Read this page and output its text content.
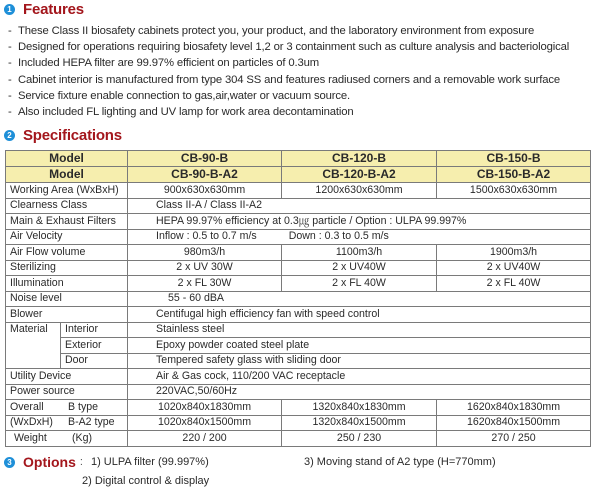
1 Features
- These Class II biosafety cabinets protect you, your product, and the laboratory environment from exposure
- Designed for operations requiring biosafety level 1,2 or 3 containment such as culture analysis and bacteriological
- Included HEPA filter are 99.97% efficient on particles of 0.3um
- Cabinet interior is manufactured from type 304 SS and features radiused corners and a removable work surface
- Service fixture enable connection to gas,air,water or vacuum source.
- Also included FL lighting and UV lamp for work area decontamination
2 Specifications
Model		CB-90-B	CB-120-B	CB-150-B
Model		CB-90-B-A2	CB-120-B-A2	CB-150-B-A2
Working Area (WxBxH)		900x630x630mm	1200x630x630mm	1500x630x630mm
Clearness Class		Class II-A / Class II-A2		
Main & Exhaust Filters		HEPA 99.97% efficiency at 0.3㎍ particle / Option : ULPA 99.997%		
Air Velocity		Inflow : 0.5 to 0.7 m/s Down : 0.3 to 0.5 m/s		
Air Flow volume		980m3/h	1100m3/h	1900m3/h
Sterilizing		2 x UV 30W	2 x UV40W	2 x UV40W
Illumination		2 x FL 30W	2 x FL 40W	2 x FL 40W
Noise level		55 - 60 dBA		
Blower		Centifugal high efficiency fan with speed control		
Material	Interior	Stainless steel		
	Exterior	Epoxy powder coated steel plate		
	Door	Tempered safety glass with sliding door		
Utility Device		Air & Gas cock, 110/200 VAC receptacle		
Power source		220VAC,50/60Hz		
Overall B type		1020x840x1830mm	1320x840x1830mm	1620x840x1830mm
(WxDxH) B-A2 type		1020x840x1500mm	1320x840x1500mm	1620x840x1500mm
Weight (Kg)		220 / 200	250 / 230	270 / 250
3 Options : 1) ULPA filter (99.997%)	3) Moving stand of A2 type (H=770mm)
2) Digital control & display
